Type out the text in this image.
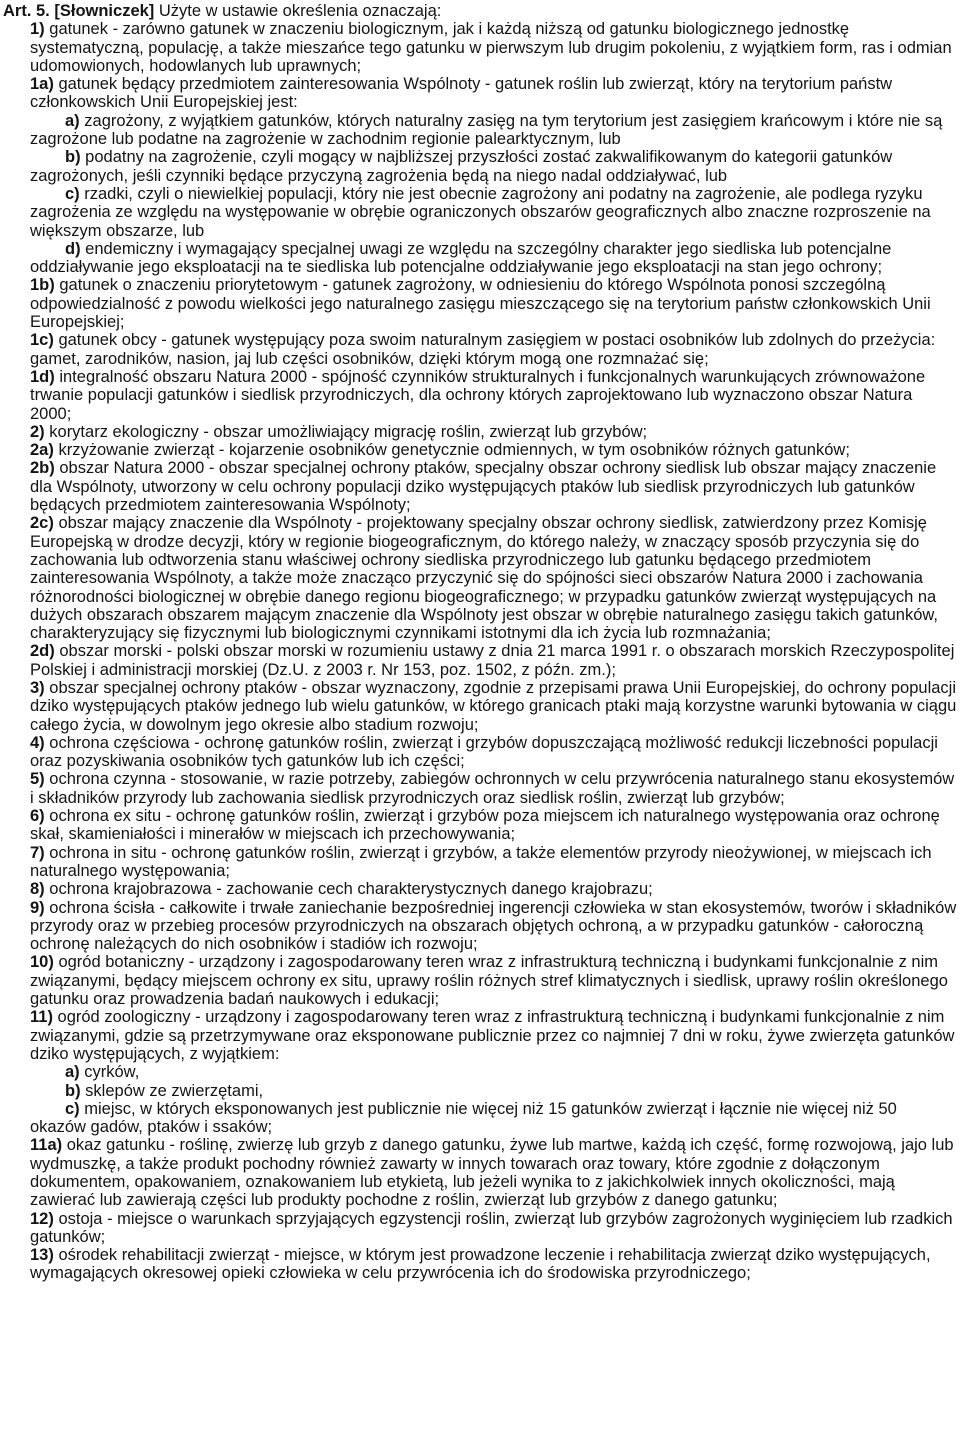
Art. 5. [Słowniczek] Użyte w ustawie określenia oznaczają:

1) gatunek - zarówno gatunek w znaczeniu biologicznym, jak i każdą niższą od gatunku biologicznego jednostkę systematyczną, populację, a także mieszańce tego gatunku w pierwszym lub drugim pokoleniu, z wyjątkiem form, ras i odmian udomowionych, hodowlanych lub uprawnych;

1a) gatunek będący przedmiotem zainteresowania Wspólnoty - gatunek roślin lub zwierząt, który na terytorium państw członkowskich Unii Europejskiej jest:

a) zagrożony, z wyjątkiem gatunków, których naturalny zasięg na tym terytorium jest zasięgiem krańcowym i które nie są zagrożone lub podatne na zagrożenie w zachodnim regionie palearktycznym, lub

b) podatny na zagrożenie, czyli mogący w najbliższej przyszłości zostać zakwalifikowanym do kategorii gatunków zagrożonych, jeśli czynniki będące przyczyną zagrożenia będą na niego nadal oddziaływać, lub

c) rzadki, czyli o niewielkiej populacji, który nie jest obecnie zagrożony ani podatny na zagrożenie, ale podlega ryzyku zagrożenia ze względu na występowanie w obrębie ograniczonych obszarów geograficznych albo znaczne rozproszenie na większym obszarze, lub

d) endemiczny i wymagający specjalnej uwagi ze względu na szczególny charakter jego siedliska lub potencjalne oddziaływanie jego eksploatacji na te siedliska lub potencjalne oddziaływanie jego eksploatacji na stan jego ochrony;

1b) gatunek o znaczeniu priorytetowym - gatunek zagrożony, w odniesieniu do którego Wspólnota ponosi szczególną odpowiedzialność z powodu wielkości jego naturalnego zasięgu mieszczącego się na terytorium państw członkowskich Unii Europejskiej;

1c) gatunek obcy - gatunek występujący poza swoim naturalnym zasięgiem w postaci osobników lub zdolnych do przeżycia: gamet, zarodników, nasion, jaj lub części osobników, dzięki którym mogą one rozmnażać się;

1d) integralność obszaru Natura 2000 - spójność czynników strukturalnych i funkcjonalnych warunkujących zrównoważone trwanie populacji gatunków i siedlisk przyrodniczych, dla ochrony których zaprojektowano lub wyznaczono obszar Natura 2000;

2) korytarz ekologiczny - obszar umożliwiający migrację roślin, zwierząt lub grzybów;

2a) krzyżowanie zwierząt - kojarzenie osobników genetycznie odmiennych, w tym osobników różnych gatunków;

2b) obszar Natura 2000 - obszar specjalnej ochrony ptaków, specjalny obszar ochrony siedlisk lub obszar mający znaczenie dla Wspólnoty, utworzony w celu ochrony populacji dziko występujących ptaków lub siedlisk przyrodniczych lub gatunków będących przedmiotem zainteresowania Wspólnoty;

2c) obszar mający znaczenie dla Wspólnoty - projektowany specjalny obszar ochrony siedlisk, zatwierdzony przez Komisję Europejską w drodze decyzji, który w regionie biogeograficznym, do którego należy, w znaczący sposób przyczynia się do zachowania lub odtworzenia stanu właściwej ochrony siedliska przyrodniczego lub gatunku będącego przedmiotem zainteresowania Wspólnoty, a także może znacząco przyczynić się do spójności sieci obszarów Natura 2000 i zachowania różnorodności biologicznej w obrębie danego regionu biogeograficznego; w przypadku gatunków zwierząt występujących na dużych obszarach obszarem mającym znaczenie dla Wspólnoty jest obszar w obrębie naturalnego zasięgu takich gatunków, charakteryzujący się fizycznymi lub biologicznymi czynnikami istotnymi dla ich życia lub rozmnażania;

2d) obszar morski - polski obszar morski w rozumieniu ustawy z dnia 21 marca 1991 r. o obszarach morskich Rzeczypospolitej Polskiej i administracji morskiej (Dz.U. z 2003 r. Nr 153, poz. 1502, z późn. zm.);

3) obszar specjalnej ochrony ptaków - obszar wyznaczony, zgodnie z przepisami prawa Unii Europejskiej, do ochrony populacji dziko występujących ptaków jednego lub wielu gatunków, w którego granicach ptaki mają korzystne warunki bytowania w ciągu całego życia, w dowolnym jego okresie albo stadium rozwoju;

4) ochrona częściowa - ochronę gatunków roślin, zwierząt i grzybów dopuszczającą możliwość redukcji liczebności populacji oraz pozyskiwania osobników tych gatunków lub ich części;

5) ochrona czynna - stosowanie, w razie potrzeby, zabiegów ochronnych w celu przywrócenia naturalnego stanu ekosystemów i składników przyrody lub zachowania siedlisk przyrodniczych oraz siedlisk roślin, zwierząt lub grzybów;

6) ochrona ex situ - ochronę gatunków roślin, zwierząt i grzybów poza miejscem ich naturalnego występowania oraz ochronę skał, skamieniałości i minerałów w miejscach ich przechowywania;

7) ochrona in situ - ochronę gatunków roślin, zwierząt i grzybów, a także elementów przyrody nieożywionej, w miejscach ich naturalnego występowania;

8) ochrona krajobrazowa - zachowanie cech charakterystycznych danego krajobrazu;

9) ochrona ścisła - całkowite i trwałe zaniechanie bezpośredniej ingerencji człowieka w stan ekosystemów, tworów i składników przyrody oraz w przebieg procesów przyrodniczych na obszarach objętych ochroną, a w przypadku gatunków - całoroczną ochronę należących do nich osobników i stadiów ich rozwoju;

10) ogród botaniczny - urządzony i zagospodarowany teren wraz z infrastrukturą techniczną i budynkami funkcjonalnie z nim związanymi, będący miejscem ochrony ex situ, uprawy roślin różnych stref klimatycznych i siedlisk, uprawy roślin określonego gatunku oraz prowadzenia badań naukowych i edukacji;

11) ogród zoologiczny - urządzony i zagospodarowany teren wraz z infrastrukturą techniczną i budynkami funkcjonalnie z nim związanymi, gdzie są przetrzymywane oraz eksponowane publicznie przez co najmniej 7 dni w roku, żywe zwierzęta gatunków dziko występujących, z wyjątkiem:

a) cyrków,

b) sklepów ze zwierzętami,

c) miejsc, w których eksponowanych jest publicznie nie więcej niż 15 gatunków zwierząt i łącznie nie więcej niż 50 okazów gadów, ptaków i ssaków;

11a) okaz gatunku - roślinę, zwierzę lub grzyb z danego gatunku, żywe lub martwe, każdą ich część, formę rozwojową, jajo lub wydmuszkę, a także produkt pochodny również zawarty w innych towarach oraz towary, które zgodnie z dołączonym dokumentem, opakowaniem, oznakowaniem lub etykietą, lub jeżeli wynika to z jakichkolwiek innych okoliczności, mają zawierać lub zawierają części lub produkty pochodne z roślin, zwierząt lub grzybów z danego gatunku;

12) ostoja - miejsce o warunkach sprzyjających egzystencji roślin, zwierząt lub grzybów zagrożonych wyginięciem lub rzadkich gatunków;

13) ośrodek rehabilitacji zwierząt - miejsce, w którym jest prowadzone leczenie i rehabilitacja zwierząt dziko występujących, wymagających okresowej opieki człowieka w celu przywrócenia ich do środowiska przyrodniczego;
